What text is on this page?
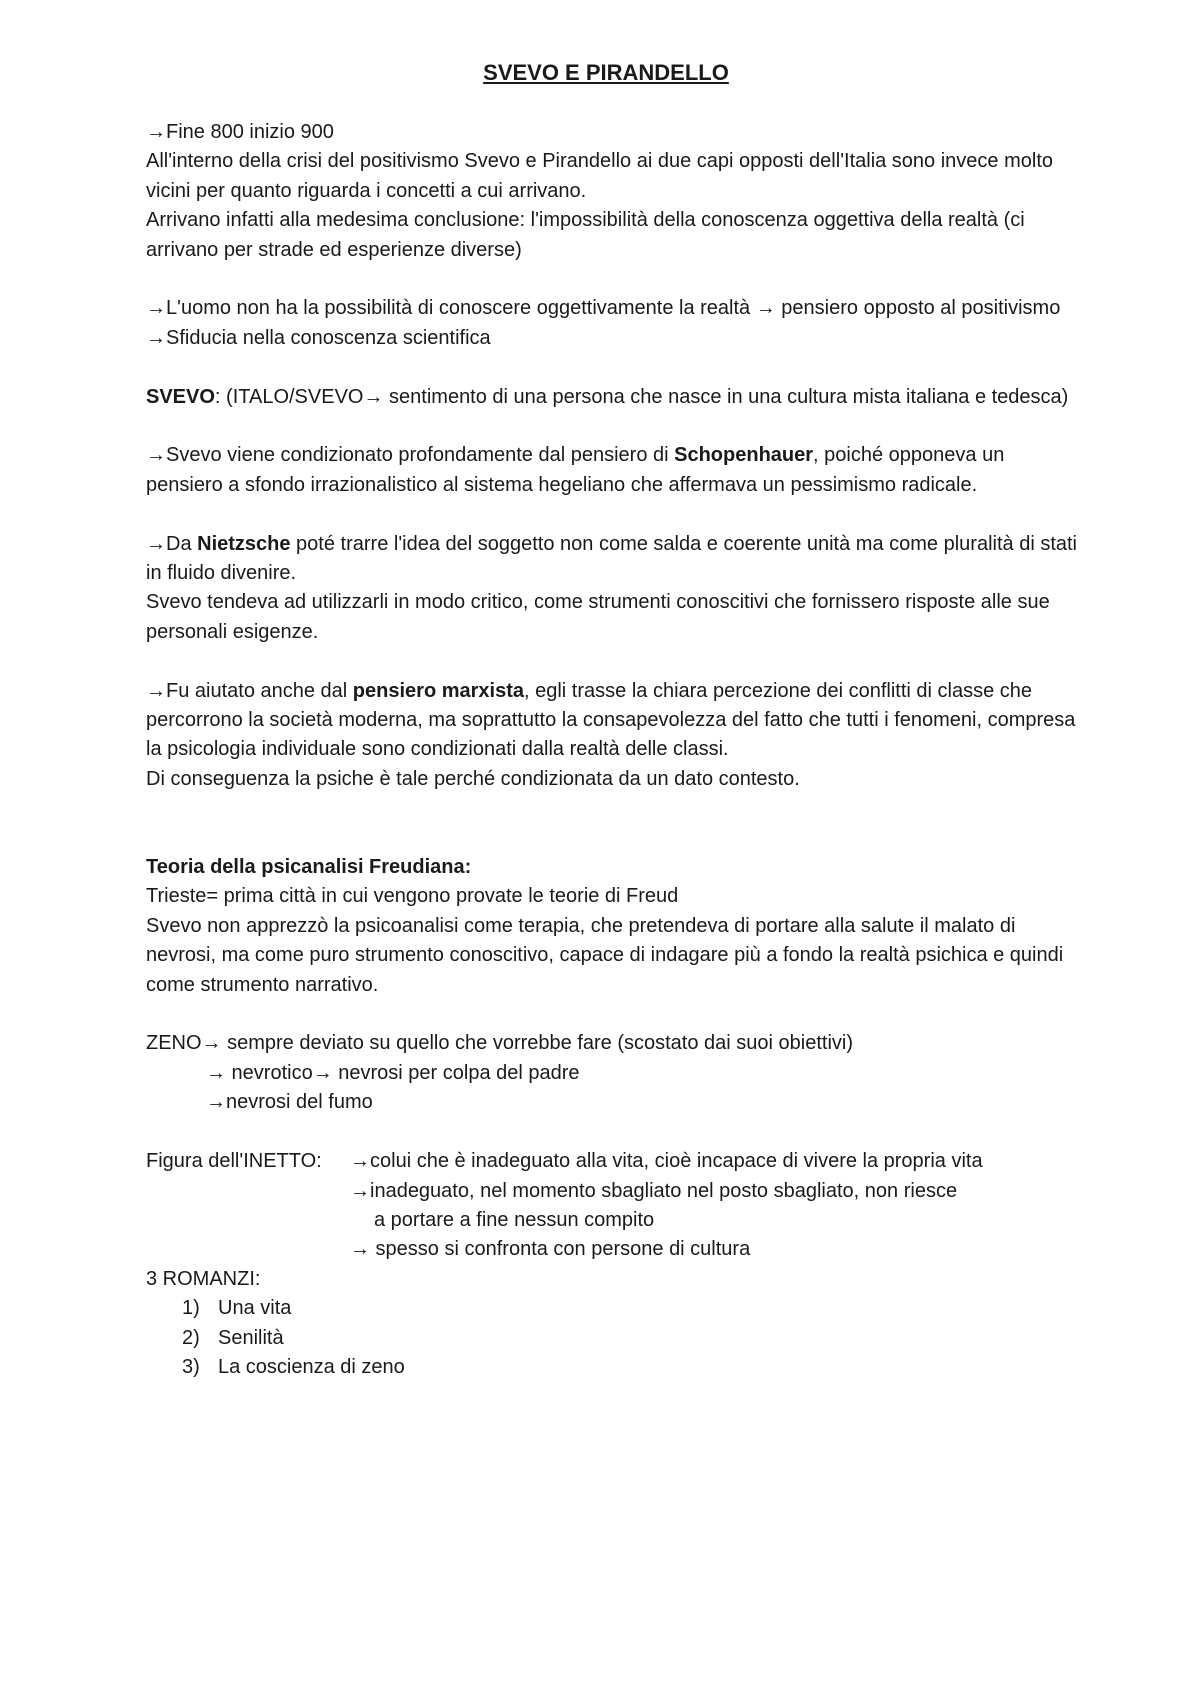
SVEVO E PIRANDELLO

→Fine 800 inizio 900

All'interno della crisi del positivismo Svevo e Pirandello ai due capi opposti dell'Italia sono invece molto vicini per quanto riguarda i concetti a cui arrivano.

Arrivano infatti alla medesima conclusione: l'impossibilità della conoscenza oggettiva della realtà (ci arrivano per strade ed esperienze diverse)

→L'uomo non ha la possibilità di conoscere oggettivamente la realtà → pensiero opposto al positivismo

→Sfiducia nella conoscenza scientifica

SVEVO: (ITALO/SVEVO→ sentimento di una persona che nasce in una cultura mista italiana e tedesca)

→Svevo viene condizionato profondamente dal pensiero di Schopenhauer, poiché opponeva un pensiero a sfondo irrazionalistico al sistema hegeliano che affermava un pessimismo radicale.

→Da Nietzsche poté trarre l'idea del soggetto non come salda e coerente unità ma come pluralità di stati in fluido divenire.

Svevo tendeva ad utilizzarli in modo critico, come strumenti conoscitivi che fornissero risposte alle sue personali esigenze.

→Fu aiutato anche dal pensiero marxista, egli trasse la chiara percezione dei conflitti di classe che percorrono la società moderna, ma soprattutto la consapevolezza del fatto che tutti i fenomeni, compresa la psicologia individuale sono condizionati dalla realtà delle classi.

Di conseguenza la psiche è tale perché condizionata da un dato contesto.

Teoria della psicanalisi Freudiana:

Trieste= prima città in cui vengono provate le teorie di Freud

Svevo non apprezzò la psicoanalisi come terapia, che pretendeva di portare alla salute il malato di nevrosi, ma come puro strumento conoscitivo, capace di indagare più a fondo la realtà psichica e quindi come strumento narrativo.

ZENO→ sempre deviato su quello che vorrebbe fare (scostato dai suoi obiettivi)

→ nevrotico→ nevrosi per colpa del padre

→nevrosi del fumo

Figura dell'INETTO:	→colui che è inadeguato alla vita, cioè incapace di vivere la propria vita

→inadeguato, nel momento sbagliato nel posto sbagliato, non riesce

a portare a fine nessun compito

→ spesso si confronta con persone di cultura

3 ROMANZI:

1) Una vita
2) Senilità
3) La coscienza di zeno
